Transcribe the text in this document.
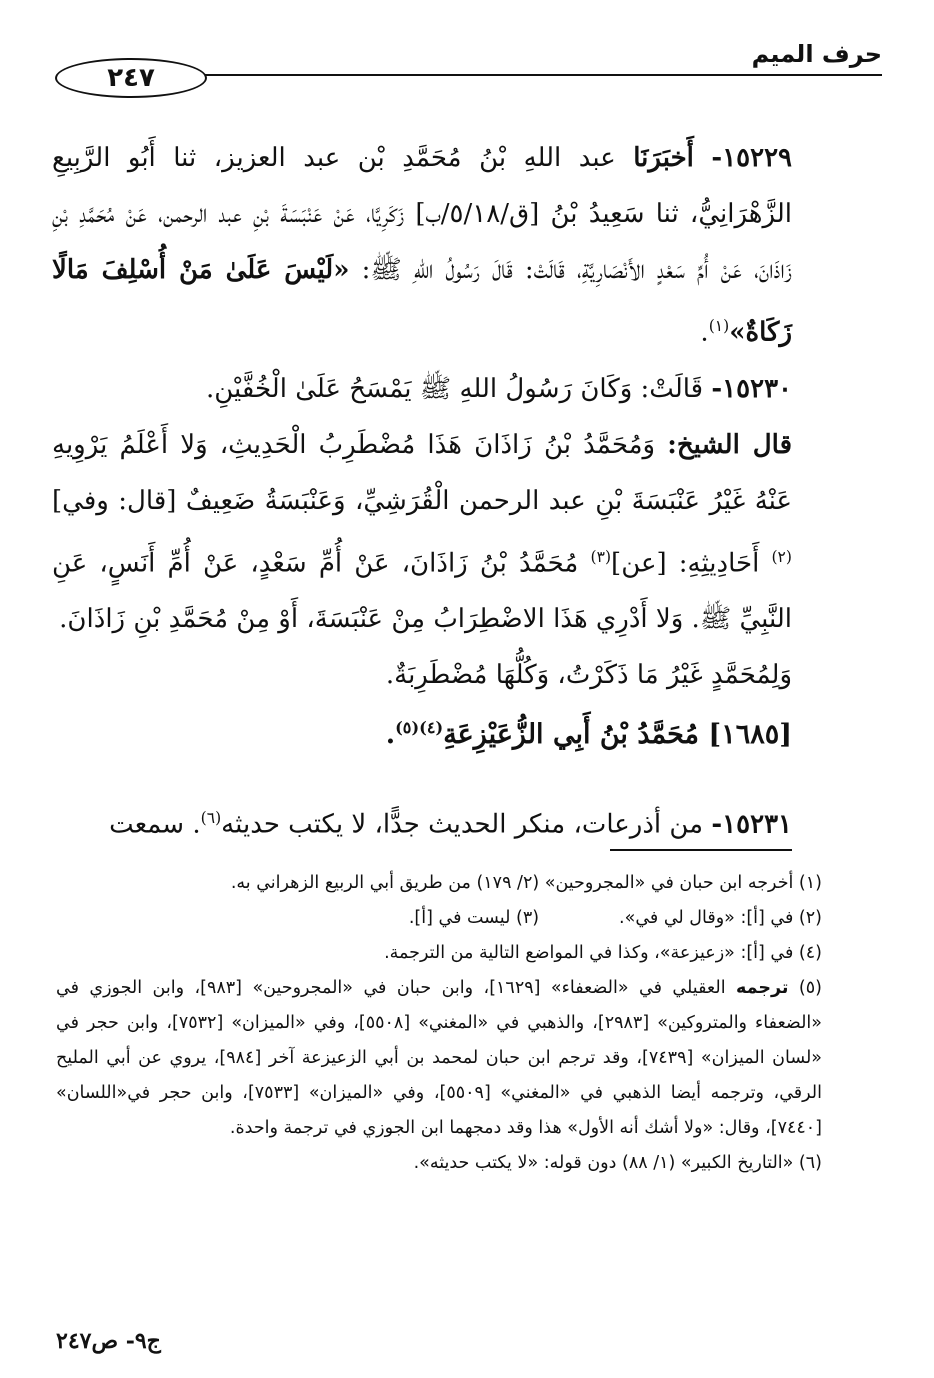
حرف الميم
٢٤٧

١٥٢٢٩- أَخبَرَنَا عبد اللهِ بْنُ مُحَمَّدِ بْن عبد العزيز، ثنا أَبُو الرَّبِيعِ الزَّهْرَانِيُّ، ثنا سَعِيدُ بْنُ [ق/٥/١٨/ب] زَكَرِيَّا، عَنْ عَنْبَسَةَ بْنِ عبد الرحمن، عَنْ مُحَمَّدِ بْنِ زَاذَانَ، عَنْ أُمِّ سَعْدٍ الأَنْصَارِيَّةِ، قَالَتْ: قَالَ رَسُولُ اللهِ ﷺ: «لَيْسَ عَلَىٰ مَنْ أُسْلِفَ مَالًا زَكَاةٌ»$^{(١)}$.

١٥٢٣٠- قَالَتْ: وَكَانَ رَسُولُ اللهِ ﷺ يَمْسَحُ عَلَىٰ الْخُفَّيْنِ.

قال الشيخ: وَمُحَمَّدُ بْنُ زَاذَانَ هَذَا مُضْطَرِبُ الْحَدِيثِ، وَلا أَعْلَمُ يَرْوِيهِ عَنْهُ غَيْرُ عَنْبَسَةَ بْنِ عبد الرحمن الْقُرَشِيِّ، وَعَنْبَسَةُ ضَعِيفٌ [قال: وفي]$^{(٢)}$ أَحَادِيثِهِ: [عن]$^{(٣)}$ مُحَمَّدُ بْنُ زَاذَانَ، عَنْ أُمِّ سَعْدٍ، عَنْ أُمِّ أَنَسٍ، عَنِ النَّبِيِّ ﷺ. وَلا أَدْرِي هَذَا الاضْطِرَابُ مِنْ عَنْبَسَةَ، أَوْ مِنْ مُحَمَّدِ بْنِ زَاذَانَ.

وَلِمُحَمَّدٍ غَيْرُ مَا ذَكَرْتُ، وَكُلُّهَا مُضْطَرِبَةٌ.

[١٦٨٥] مُحَمَّدُ بْنُ أَبِي الزُّعَيْزِعَةِ$^{(٤)(٥)}$.
١٥٢٣١- من أذرعات، منكر الحديث جدًّا، لا يكتب حديثه$^{(٦)}$. سمعت

(١) أخرجه ابن حبان في «المجروحين» (٢/ ١٧٩) من طريق أبي الربيع الزهراني به.

(٢) في [أ]: «وقال لي في».
(٣) ليست في [أ].

(٤) في [أ]: «زعيزعة»، وكذا في المواضع التالية من الترجمة.

(٥) ترجمه العقيلي في «الضعفاء» [١٦٢٩]، وابن حبان في «المجروحين» [٩٨٣]، وابن الجوزي في «الضعفاء والمتروكين» [٢٩٨٣]، والذهبي في «المغني» [٥٥٠٨]، وفي «الميزان» [٧٥٣٢]، وابن حجر في «لسان الميزان» [٧٤٣٩]، وقد ترجم ابن حبان لمحمد بن أبي الزعيزعة آخر [٩٨٤]، يروي عن أبي المليح الرقي، وترجمه أيضا الذهبي في «المغني» [٥٥٠٩]، وفي «الميزان» [٧٥٣٣]، وابن حجر في«اللسان» [٧٤٤٠]، وقال: «ولا أشك أنه الأول» هذا وقد دمجهما ابن الجوزي في ترجمة واحدة.

(٦) «التاريخ الكبير» (١/ ٨٨) دون قوله: «لا يكتب حديثه».

ج٩- ص٢٤٧
